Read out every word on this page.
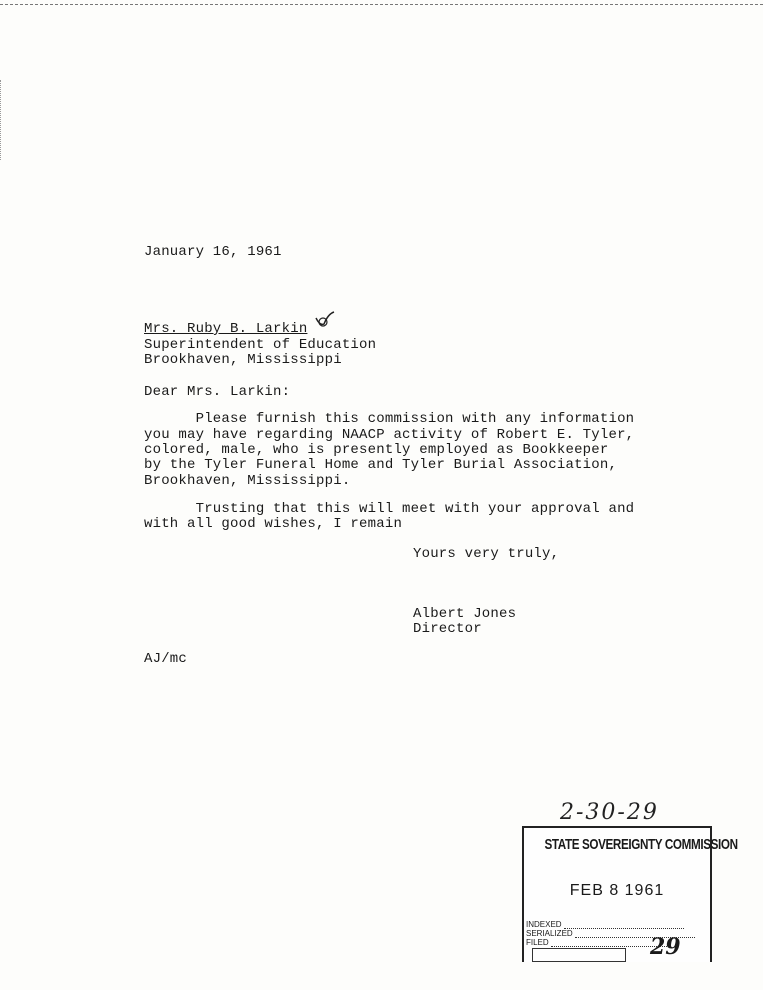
January 16, 1961
Mrs. Ruby B. Larkin
Superintendent of Education
Brookhaven, Mississippi
Dear Mrs. Larkin:
Please furnish this commission with any information
you may have regarding NAACP activity of Robert E. Tyler,
colored, male, who is presently employed as Bookkeeper
by the Tyler Funeral Home and Tyler Burial Association,
Brookhaven, Mississippi.
Trusting that this will meet with your approval and
with all good wishes, I remain
Yours very truly,
Albert Jones
Director
AJ/mc
2-30-29
STATE SOVEREIGNTY COMMISSION
FEB 8 1961
INDEXED
SERIALIZED
FILED	29
